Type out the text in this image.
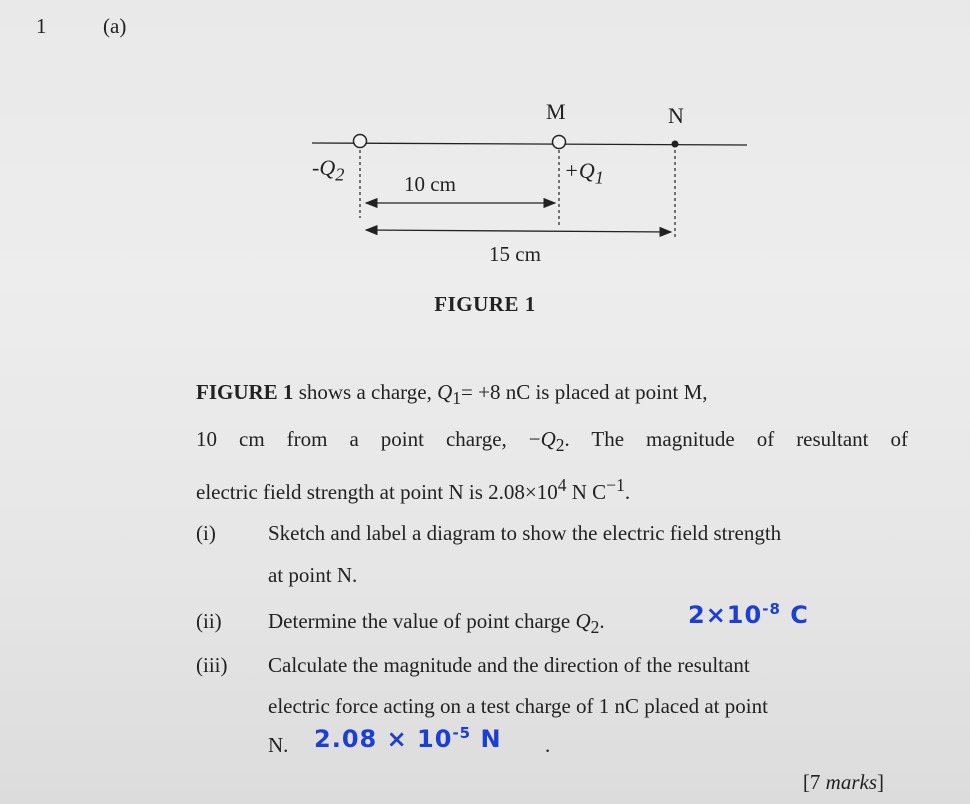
1	(a)
M	N
$-Q_2$	$+Q_1$
10 cm
15 cm
FIGURE 1
FIGURE 1 shows a charge, $Q_1= +8$ nC is placed at point M,
10 cm from a point charge, $-Q_2$. The magnitude of resultant of
electric field strength at point N is $2.08\times 10^4$ N $C^{-1}$.
(i) Sketch and label a diagram to show the electric field strength
at point N.
(ii) Determine the value of point charge $Q_2$.	$2\times 10^{-8}$ C
(iii) Calculate the magnitude and the direction of the resultant
electric force acting on a test charge of 1 nC placed at point
N. $2.08 \times 10^{-5}$ N .
[7 marks]
